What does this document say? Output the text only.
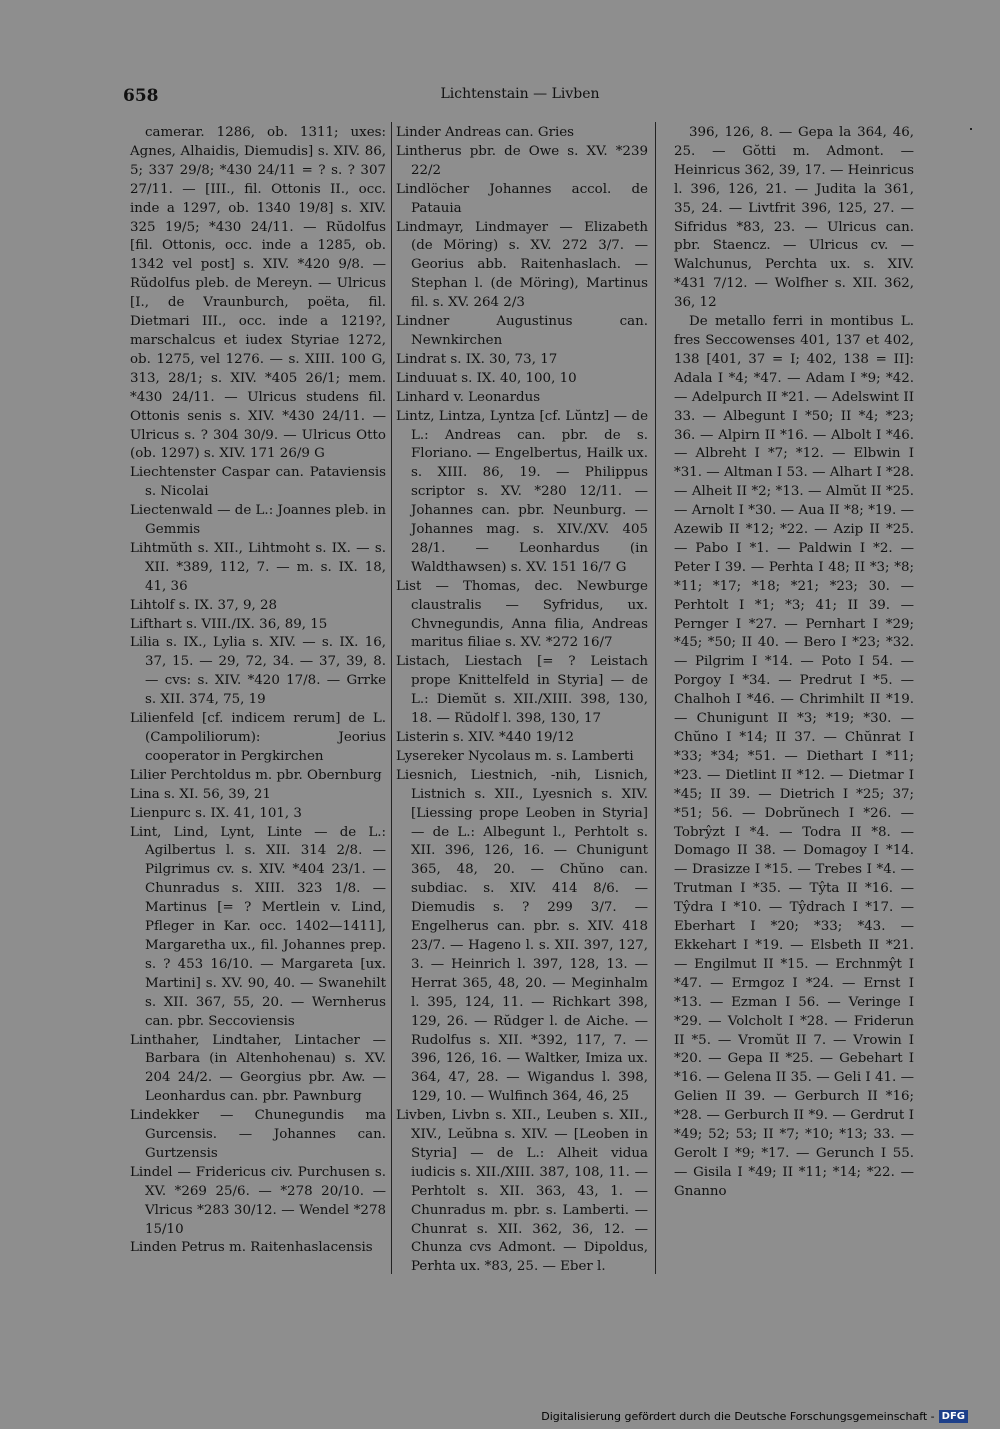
658	Lichtenstain — Livben

camerar. 1286, ob. 1311; uxes: Agnes, Alhaidis, Diemudis] s. XIV. 86, 5; 337 29/8; *430 24/11 = ? s. ? 307 27/11. — [III., fil. Ottonis II., occ. inde a 1297, ob. 1340 19/8] s. XIV. 325 19/5; *430 24/11. — Rŭdolfus [fil. Ottonis, occ. inde a 1285, ob. 1342 vel post] s. XIV. *420 9/8. — Rŭdolfus pleb. de Mereyn. — Ulricus [I., de Vraunburch, poëta, fil. Dietmari III., occ. inde a 1219?, marschalcus et iudex Styriae 1272, ob. 1275, vel 1276. — s. XIII. 100 G, 313, 28/1; s. XIV. *405 26/1; mem. *430 24/11. — Ulricus studens fil. Ottonis senis s. XIV. *430 24/11. — Ulricus s. ? 304 30/9. — Ulricus Otto (ob. 1297) s. XIV. 171 26/9 G

Liechtenster Caspar can. Pataviensis s. Nicolai

Liectenwald — de L.: Joannes pleb. in Gemmis

Lihtmŭth s. XII., Lihtmoht s. IX. — s. XII. *389, 112, 7. — m. s. IX. 18, 41, 36

Lihtolf s. IX. 37, 9, 28

Lifthart s. VIII./IX. 36, 89, 15

Lilia s. IX., Lylia s. XIV. — s. IX. 16, 37, 15. — 29, 72, 34. — 37, 39, 8. — cvs: s. XIV. *420 17/8. — Grrke s. XII. 374, 75, 19

Lilienfeld [cf. indicem rerum] de L. (Campoliliorum): Jeorius cooperator in Pergkirchen

Lilier Perchtoldus m. pbr. Obernburg

Lina s. XI. 56, 39, 21

Lienpurc s. IX. 41, 101, 3

Lint, Lind, Lynt, Linte — de L.: Agilbertus l. s. XII. 314 2/8. — Pilgrimus cv. s. XIV. *404 23/1. — Chunradus s. XIII. 323 1/8. — Martinus [= ? Mertlein v. Lind, Pfleger in Kar. occ. 1402—1411], Margaretha ux., fil. Johannes prep. s. ? 453 16/10. — Margareta [ux. Martini] s. XV. 90, 40. — Swanehilt s. XII. 367, 55, 20. — Wernherus can. pbr. Seccoviensis

Linthaher, Lindtaher, Lintacher — Barbara (in Altenhohenau) s. XV. 204 24/2. — Georgius pbr. Aw. — Leonhardus can. pbr. Pawnburg

Lindekker — Chunegundis ma Gurcensis. — Johannes can. Gurtzensis

Lindel — Fridericus civ. Purchusen s. XV. *269 25/6. — *278 20/10. — Vlricus *283 30/12. — Wendel *278 15/10

Linden Petrus m. Raitenhaslacensis

Linder Andreas can. Gries

Lintherus pbr. de Owe s. XV. *239 22/2

Lindlöcher Johannes accol. de Patauia

Lindmayr, Lindmayer — Elizabeth (de Möring) s. XV. 272 3/7. — Georius abb. Raitenhaslach. — Stephan l. (de Möring), Martinus fil. s. XV. 264 2/3

Lindner Augustinus can. Newnkirchen

Lindrat s. IX. 30, 73, 17

Linduuat s. IX. 40, 100, 10

Linhard v. Leonardus

Lintz, Lintza, Lyntza [cf. Lŭntz] — de L.: Andreas can. pbr. de s. Floriano. — Engelbertus, Hailk ux. s. XIII. 86, 19. — Philippus scriptor s. XV. *280 12/11. — Johannes can. pbr. Neunburg. — Johannes mag. s. XIV./XV. 405 28/1. — Leonhardus (in Waldthawsen) s. XV. 151 16/7 G

List — Thomas, dec. Newburge claustralis — Syfridus, ux. Chvnegundis, Anna filia, Andreas maritus filiae s. XV. *272 16/7

Listach, Liestach [= ? Leistach prope Knittelfeld in Styria] — de L.: Diemŭt s. XII./XIII. 398, 130, 18. — Rŭdolf l. 398, 130, 17

Listerin s. XIV. *440 19/12

Lysereker Nycolaus m. s. Lamberti

Liesnich, Liestnich, -nih, Lisnich, Listnich s. XII., Lyesnich s. XIV. [Liessing prope Leoben in Styria] — de L.: Albegunt l., Perhtolt s. XII. 396, 126, 16. — Chunigunt 365, 48, 20. — Chŭno can. subdiac. s. XIV. 414 8/6. — Diemudis s. ? 299 3/7. — Engelherus can. pbr. s. XIV. 418 23/7. — Hageno l. s. XII. 397, 127, 3. — Heinrich l. 397, 128, 13. — Herrat 365, 48, 20. — Meginhalm l. 395, 124, 11. — Richkart 398, 129, 26. — Rŭdger l. de Aiche. — Rudolfus s. XII. *392, 117, 7. — 396, 126, 16. — Waltker, Imiza ux. 364, 47, 28. — Wigandus l. 398, 129, 10. — Wulfinch 364, 46, 25

Livben, Livbn s. XII., Leuben s. XII., XIV., Leŭbna s. XIV. — [Leoben in Styria] — de L.: Alheit vidua iudicis s. XII./XIII. 387, 108, 11. — Perhtolt s. XII. 363, 43, 1. — Chunradus m. pbr. s. Lamberti. — Chunrat s. XII. 362, 36, 12. — Chunza cvs Admont. — Dipoldus, Perhta ux. *83, 25. — Eber l.

396, 126, 8. — Gepa la 364, 46, 25. — Gŏtti m. Admont. — Heinricus 362, 39, 17. — Heinricus l. 396, 126, 21. — Judita la 361, 35, 24. — Livtfrit 396, 125, 27. — Sifridus *83, 23. — Ulricus can. pbr. Staencz. — Ulricus cv. — Walchunus, Perchta ux. s. XIV. *431 7/12. — Wolfher s. XII. 362, 36, 12

De metallo ferri in montibus L. fres Seccowenses 401, 137 et 402, 138 [401, 37 = I; 402, 138 = II]: Adala I *4; *47. — Adam I *9; *42. — Adelpurch II *21. — Adelswint II 33. — Albegunt I *50; II *4; *23; 36. — Alpirn II *16. — Albolt I *46. — Albreht I *7; *12. — Elbwin I *31. — Altman I 53. — Alhart I *28. — Alheit II *2; *13. — Almŭt II *25. — Arnolt I *30. — Aua II *8; *19. — Azewib II *12; *22. — Azip II *25. — Pabo I *1. — Paldwin I *2. — Peter I 39. — Perhta I 48; II *3; *8; *11; *17; *18; *21; *23; 30. — Perhtolt I *1; *3; 41; II 39. — Pernger I *27. — Pernhart I *29; *45; *50; II 40. — Bero I *23; *32. — Pilgrim I *14. — Poto I 54. — Porgoy I *34. — Predrut I *5. — Chalhoh I *46. — Chrimhilt II *19. — Chunigunt II *3; *19; *30. — Chŭno I *14; II 37. — Chŭnrat I *33; *34; *51. — Diethart I *11; *23. — Dietlint II *12. — Dietmar I *45; II 39. — Dietrich I *25; 37; *51; 56. — Dobrŭnech I *26. — Tobrŷzt I *4. — Todra II *8. — Domago II 38. — Domagoy I *14. — Drasizze I *15. — Trebes I *4. — Trutman I *35. — Tŷta II *16. — Tŷdra I *10. — Tŷdrach I *17. — Eberhart I *20; *33; *43. — Ekkehart I *19. — Elsbeth II *21. — Engilmut II *15. — Erchnmŷt I *47. — Ermgoz I *24. — Ernst I *13. — Ezman I 56. — Veringe I *29. — Volcholt I *28. — Friderun II *5. — Vromŭt II 7. — Vrowin I *20. — Gepa II *25. — Gebehart I *16. — Gelena II 35. — Geli I 41. — Gelien II 39. — Gerburch II *16; *28. — Gerburch II *9. — Gerdrut I *49; 52; 53; II *7; *10; *13; 33. — Gerolt I *9; *17. — Gerunch I 55. — Gisila I *49; II *11; *14; *22. — Gnanno

Digitalisierung gefördert durch die Deutsche Forschungsgemeinschaft - DFG
